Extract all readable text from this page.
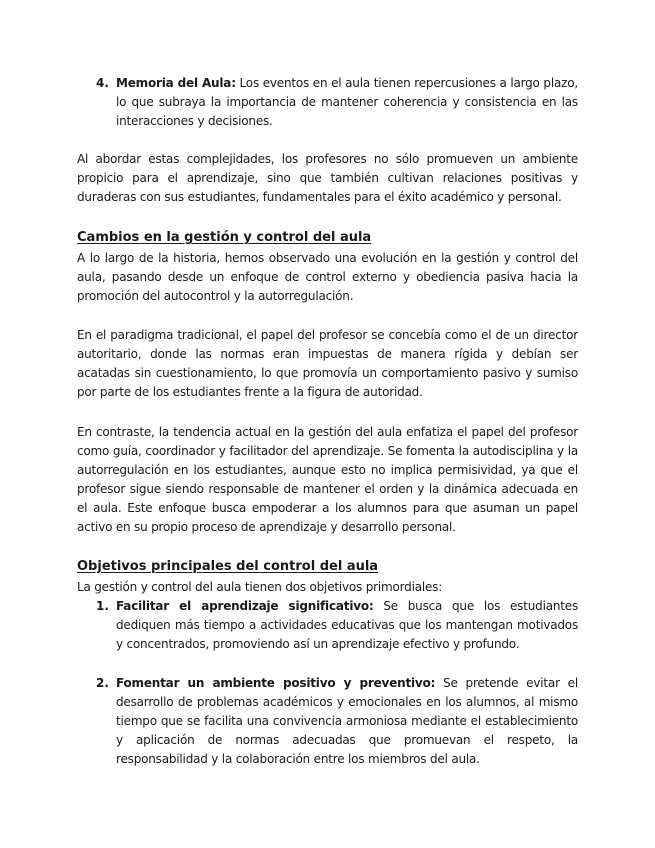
4. Memoria del Aula: Los eventos en el aula tienen repercusiones a largo plazo, lo que subraya la importancia de mantener coherencia y consistencia en las interacciones y decisiones.
Al abordar estas complejidades, los profesores no sólo promueven un ambiente propicio para el aprendizaje, sino que también cultivan relaciones positivas y duraderas con sus estudiantes, fundamentales para el éxito académico y personal.
Cambios en la gestión y control del aula
A lo largo de la historia, hemos observado una evolución en la gestión y control del aula, pasando desde un enfoque de control externo y obediencia pasiva hacia la promoción del autocontrol y la autorregulación.
En el paradigma tradicional, el papel del profesor se concebía como el de un director autoritario, donde las normas eran impuestas de manera rígida y debían ser acatadas sin cuestionamiento, lo que promovía un comportamiento pasivo y sumiso por parte de los estudiantes frente a la figura de autoridad.
En contraste, la tendencia actual en la gestión del aula enfatiza el papel del profesor como guía, coordinador y facilitador del aprendizaje. Se fomenta la autodisciplina y la autorregulación en los estudiantes, aunque esto no implica permisividad, ya que el profesor sigue siendo responsable de mantener el orden y la dinámica adecuada en el aula. Este enfoque busca empoderar a los alumnos para que asuman un papel activo en su propio proceso de aprendizaje y desarrollo personal.
Objetivos principales del control del aula
La gestión y control del aula tienen dos objetivos primordiales:
1. Facilitar el aprendizaje significativo: Se busca que los estudiantes dediquen más tiempo a actividades educativas que los mantengan motivados y concentrados, promoviendo así un aprendizaje efectivo y profundo.
2. Fomentar un ambiente positivo y preventivo: Se pretende evitar el desarrollo de problemas académicos y emocionales en los alumnos, al mismo tiempo que se facilita una convivencia armoniosa mediante el establecimiento y aplicación de normas adecuadas que promuevan el respeto, la responsabilidad y la colaboración entre los miembros del aula.
